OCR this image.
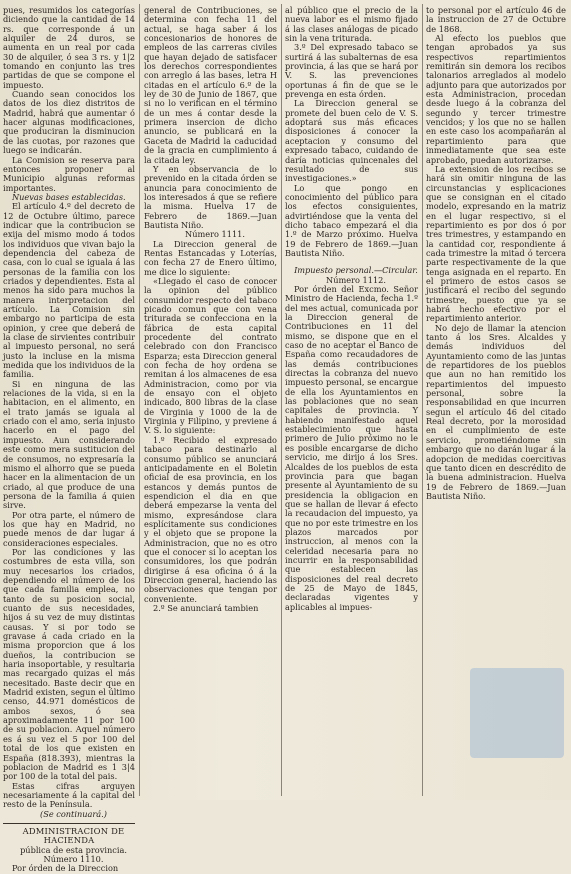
pues, resumidos los categorías diciendo que la cantidad de 14 rs. que corresponde á un alquiler de 24 duros, se aumenta en un real por cada 30 de alquiler, ó sea 3 rs. y 1|2 tomando en conjunto las tres partidas de que se compone el impuesto.

Cuando sean conocidos los datos de los diez distritos de Madrid, habrá que aumentar ó hacer algunas modificaciones, que produciran la disminucion de las cuotas, por razones que luego se indicarán.

La Comision se reserva para entonces proponer al Municipio algunas reformas importantes.

Nuevas bases establecidas.

El artículo 4.º del decreto de 12 de Octubre último, parece indicar que la contribucion se exija del mismo modo á todos los individuos que vivan bajo la dependencia del cabeza de casa, con lo cual se iguala á las personas de la familia con los criados y dependientes. Esta al menos ha sido para muchos la manera interpretacion del artículo. La Comision sin embargo no participa de esta opinion, y cree que deberá de la clase de sirvientes contribuir al impuesto personal, no será justo la incluse en la misma medida que los individuos de la familia.

Si en ninguna de las relaciones de la vida, si en la habitacion, en el alimento, en el trato jamás se iguala al criado con el amo, seria injusto hacerlo en el pago del impuesto. Aun considerando este como mera sustitucion del de consumos, no expresaría la mismo el alhorro que se pueda hacer en la alimentacion de un criado, al que produce de una persona de la familia á quien sirve.

Por otra parte, el número de los que hay en Madrid, no puede menos de dar lugar á consideraciones especiales.

Por las condiciones y las costumbres de esta villa, son muy necesarios los criados, dependiendo el número de los que cada familia emplea, no tanto de su posicion social, cuanto de sus necesidades, hijos á su vez de muy distintas causas. Y si por todo se gravase á cada criado en la misma proporcion que á los dueños, la contribucion se haria insoportable, y resultaria mas recargado quizas el más necesitado. Baste decir que en Madrid existen, segun el último censo, 44.971 domésticos de ambos sexos, ó sea aproximadamente 11 por 100 de su poblacion. Aquel número es á su vez el 5 por 100 del total de los que existen en España (818.393), mientras la poblacion de Madrid es 1 3|4 por 100 de la total del pais.

Estas cifras arguyen necesariamente á la capital del resto de la Península.

(Se continuará.)

ADMINISTRACION DE HACIENDA

pública de esta provincia.

Número 1110.

Por órden de la Direccion

general de Contribuciones, se determina con fecha 11 del actual, se haga saber á los concesionarios de honores de empleos de las carreras civiles que hayan dejado de satisfacer los derechos correspondientes con arreglo á las bases, letra H citadas en el artículo 6.º de la ley de 30 de Junio de 1867, que si no lo verifican en el término de un mes á contar desde la primera insercion de dicho anuncio, se publicará en la Gaceta de Madrid la caducidad de la gracia en cumplimiento á la citada ley.

Y en observancia de lo prevenido en la citada órden se anuncia para conocimiento de los interesados á que se refiere la misma. Huelva 17 de Febrero de 1869.—Juan Bautista Niño.

Número 1111.

La Direccion general de Rentas Estancadas y Loterías, con fecha 27 de Enero último, me dice lo siguiente:

«Llegado el caso de conocer la opinion del público consumidor respecto del tabaco picado comun que con vena triturada se confecciona en la fábrica de esta capital procedente del contrato celebrado con don Francisco Esparza; esta Direccion general con fecha de hoy ordena se remitan á los almacenes de esa Administracion, como por via de ensayo con el objeto indicado, 800 libras de la clase de Virginia y 1000 de la de Virginia y Filipino, y previene á V. S. lo siguiente:

1.º Recibido el expresado tabaco para destinarlo al consumo público se anunciará anticipadamente en el Boletin oficial de esa provincia, en los estancos y demás puntos de espendicion el dia en que deberá empezarse la venta del mismo, expresándose clara esplícitamente sus condiciones y el objeto que se propone la Administracion, que no es otro que el conocer si lo aceptan los consumidores, los que podrán dirigirse á esa oficina ó á la Direccion general, haciendo las observaciones que tengan por conveniente.

2.º Se anunciará tambien

al público que el precio de la nueva labor es el mismo fijado á las clases análogas de picado sin la vena triturada.

3.º Del expresado tabaco se surtirá á las subalternas de esa provincia, á las que se hará por V. S. las prevenciones oportunas á fin de que se le prevenga en esta órden.

La Direccion general se promete del buen celo de V. S. adoptará sus más eficaces disposiciones á conocer la aceptacion y consumo del expresado tabaco, cuidando de daría noticias quincenales del resultado de sus investigaciones.»

Lo que pongo en conocimiento del público para los efectos consiguientes, advirtiéndose que la venta del dicho tabaco empezará el dia 1.º de Marzo próximo. Huelva 19 de Febrero de 1869.—Juan Bautista Niño.

Impuesto personal.—Circular.

Número 1112.

Por órden del Excmo. Señor Ministro de Hacienda, fecha 1.º del mes actual, comunicada por la Direccion general de Contribuciones en 11 del mismo, se dispone que en el caso de no aceptar el Banco de España como recaudadores de las demás contribuciones directas la cobranza del nuevo impuesto personal, se encargue de ella los Ayuntamientos en las poblaciones que no sean capitales de provincia. Y habiendo manifestado aquel establecimiento que hasta primero de Julio próximo no le es posible encargarse de dicho servicio, me dirijo á los Sres. Alcaldes de los pueblos de esta provincia para que bagan presente al Ayuntamiento de su presidencia la obligacion en que se hallan de llevar á efecto la recaudacion del impuesto, ya que no por este trimestre en los plazos marcados por instruccion, al menos con la celeridad necesaria para no incurrir en la responsabilidad que establecen las disposiciones del real decreto de 25 de Mayo de 1845, declaradas vigentes y aplicables al impues-

to personal por el artículo 46 de la instruccion de 27 de Octubre de 1868.

Al efecto los pueblos que tengan aprobados ya sus respectivos repartimientos remitirán sin demora los recibos talonarios arreglados al modelo adjunto para que autorizados por esta Administracion, procedan desde luego á la cobranza del segundo y tercer trimestre vencidos; y los que no se hallen en este caso los acompañarán al repartimiento para que inmediatamente que sea este aprobado, puedan autorizarse.

La extension de los recibos se hará sin omitir ninguna de las circunstancias y esplicaciones que se consignan en el citado modelo, expresando en la matriz en el lugar respectivo, si el repartimiento es por dos ó por tres trimestres, y estampando en la cantidad cor, respondiente á cada trimestre la mitad ó tercera parte respectivamente de la que tenga asignada en el reparto. En el primero de estos casos se justificará el recibo del segundo trimestre, puesto que ya se habrá hecho efectivo por el repartimiento anterior.

No dejo de llamar la atencion tanto á los Sres. Alcaldes y demás individuos del Ayuntamiento como de las juntas de repartidores de los pueblos que aun no han remitido los repartimientos del impuesto personal, sobre la responsabilidad en que incurren segun el artículo 46 del citado Real decreto, por la morosidad en el cumplimiento de este servicio, prometiéndome sin embargo que no darán lugar á la adopcion de medidas coercitivas que tanto dicen en descrédito de la buena administracion. Huelva 19 de Febrero de 1869.—Juan Bautista Niño.
